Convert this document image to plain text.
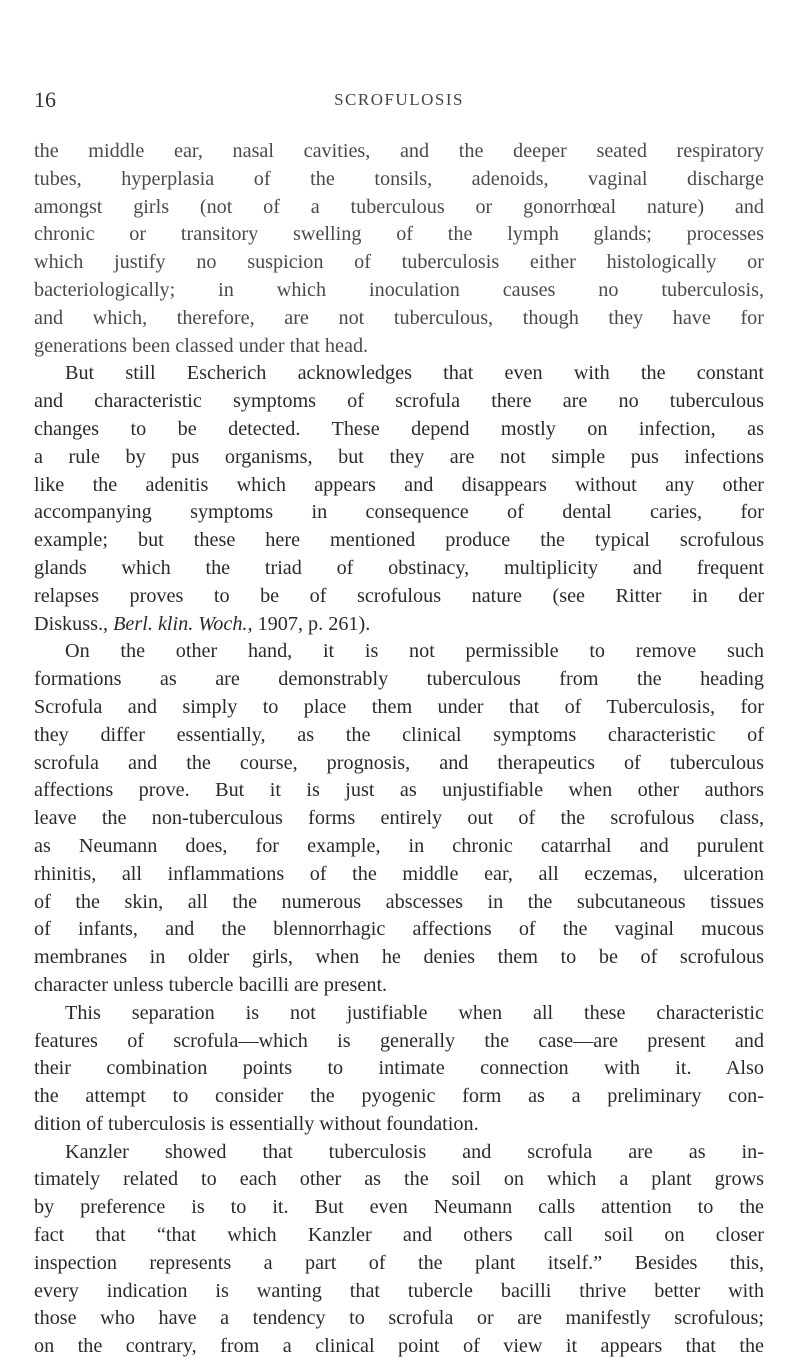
16	SCROFULOSIS
the middle ear, nasal cavities, and the deeper seated respiratory
tubes, hyperplasia of the tonsils, adenoids, vaginal discharge
amongst girls (not of a tuberculous or gonorrhœal nature) and
chronic or transitory swelling of the lymph glands; processes
which justify no suspicion of tuberculosis either histologically or
bacteriologically; in which inoculation causes no tuberculosis,
and which, therefore, are not tuberculous, though they have for
generations been classed under that head.
But still Escherich acknowledges that even with the constant
and characteristic symptoms of scrofula there are no tuberculous
changes to be detected. These depend mostly on infection, as
a rule by pus organisms, but they are not simple pus infections
like the adenitis which appears and disappears without any other
accompanying symptoms in consequence of dental caries, for
example; but these here mentioned produce the typical scrofulous
glands which the triad of obstinacy, multiplicity and frequent
relapses proves to be of scrofulous nature (see Ritter in der
Diskuss., Berl. klin. Woch., 1907, p. 261).
On the other hand, it is not permissible to remove such
formations as are demonstrably tuberculous from the heading
Scrofula and simply to place them under that of Tuberculosis, for
they differ essentially, as the clinical symptoms characteristic of
scrofula and the course, prognosis, and therapeutics of tuberculous
affections prove. But it is just as unjustifiable when other authors
leave the non-tuberculous forms entirely out of the scrofulous class,
as Neumann does, for example, in chronic catarrhal and purulent
rhinitis, all inflammations of the middle ear, all eczemas, ulceration
of the skin, all the numerous abscesses in the subcutaneous tissues
of infants, and the blennorrhagic affections of the vaginal mucous
membranes in older girls, when he denies them to be of scrofulous
character unless tubercle bacilli are present.
This separation is not justifiable when all these characteristic
features of scrofula—which is generally the case—are present and
their combination points to intimate connection with it. Also
the attempt to consider the pyogenic form as a preliminary con-
dition of tuberculosis is essentially without foundation.
Kanzler showed that tuberculosis and scrofula are as in-
timately related to each other as the soil on which a plant grows
by preference is to it. But even Neumann calls attention to the
fact that “that which Kanzler and others call soil on closer
inspection represents a part of the plant itself.” Besides this,
every indication is wanting that tubercle bacilli thrive better with
those who have a tendency to scrofula or are manifestly scrofulous;
on the contrary, from a clinical point of view it appears that the
